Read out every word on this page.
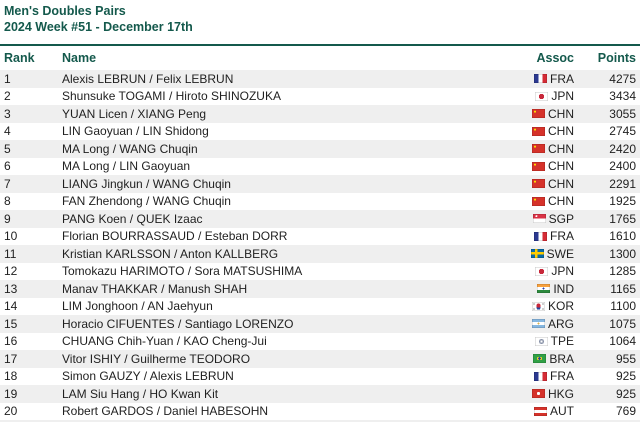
Men's Doubles Pairs
2024 Week #51 - December 17th
Rank	Name	Assoc	Points
1	Alexis LEBRUN / Felix LEBRUN	FRA	4275
2	Shunsuke TOGAMI / Hiroto SHINOZUKA	JPN	3434
3	YUAN Licen / XIANG Peng	CHN	3055
4	LIN Gaoyuan / LIN Shidong	CHN	2745
5	MA Long / WANG Chuqin	CHN	2420
6	MA Long / LIN Gaoyuan	CHN	2400
7	LIANG Jingkun / WANG Chuqin	CHN	2291
8	FAN Zhendong / WANG Chuqin	CHN	1925
9	PANG Koen / QUEK Izaac	SGP	1765
10	Florian BOURRASSAUD / Esteban DORR	FRA	1610
11	Kristian KARLSSON / Anton KALLBERG	SWE	1300
12	Tomokazu HARIMOTO / Sora MATSUSHIMA	JPN	1285
13	Manav THAKKAR / Manush SHAH	IND	1165
14	LIM Jonghoon / AN Jaehyun	KOR	1100
15	Horacio CIFUENTES / Santiago LORENZO	ARG	1075
16	CHUANG Chih-Yuan / KAO Cheng-Jui	TPE	1064
17	Vitor ISHIY / Guilherme TEODORO	BRA	955
18	Simon GAUZY / Alexis LEBRUN	FRA	925
19	LAM Siu Hang / HO Kwan Kit	HKG	925
20	Robert GARDOS / Daniel HABESOHN	AUT	769
